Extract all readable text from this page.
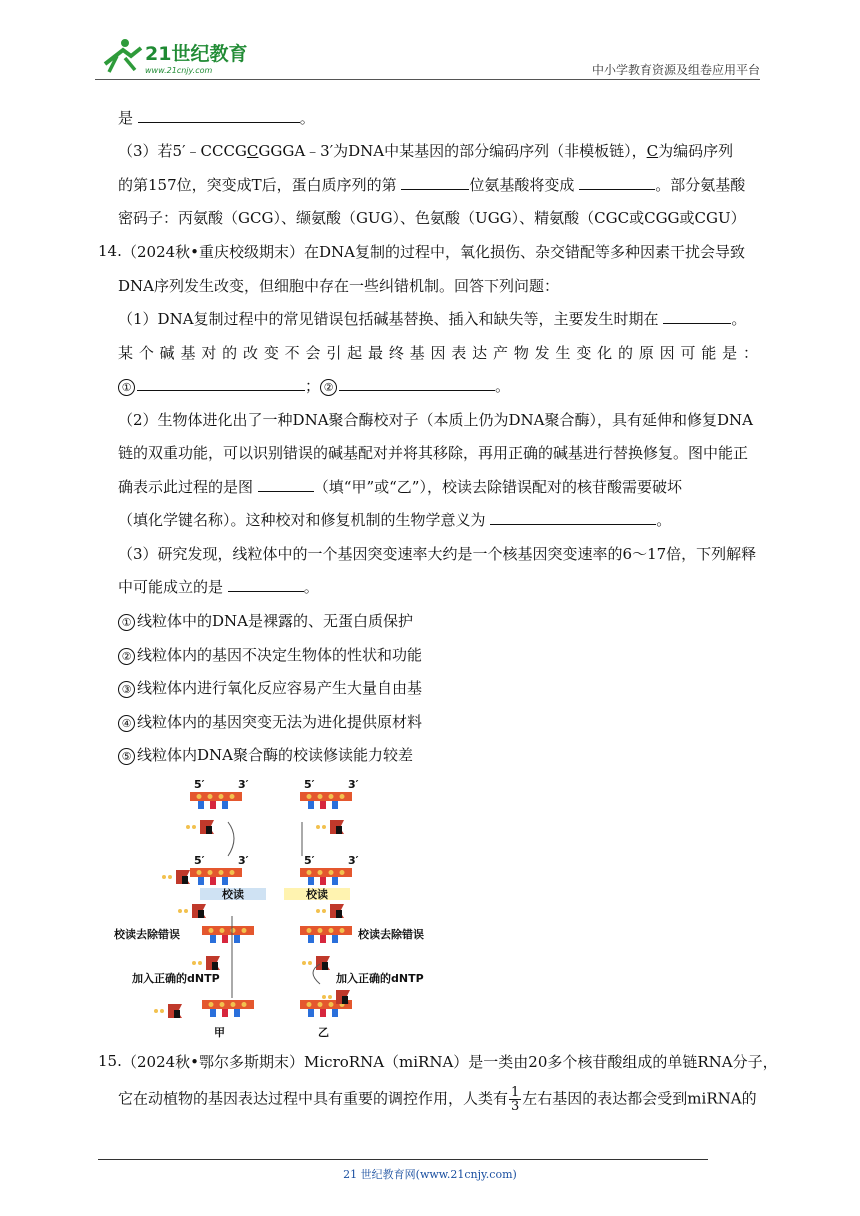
21世纪教育
www.21cnjy.com	中小学教育资源及组卷应用平台
是	。
（3）若5′﹣CCCGCGGGA﹣3′为DNA中某基因的部分编码序列（非模板链），C为编码序列
的第157位，突变成T后，蛋白质序列的第	位氨基酸将变成	。部分氨基酸
密码子：丙氨酸（GCG）、缬氨酸（GUG）、色氨酸（UGG）、精氨酸（CGC或CGG或CGU）
14. （2024秋•重庆校级期末）在DNA复制的过程中，氧化损伤、杂交错配等多种因素干扰会导致
DNA序列发生改变，但细胞中存在一些纠错机制。回答下列问题：
（1）DNA复制过程中的常见错误包括碱基替换、插入和缺失等，主要发生时期在	。
某个碱基对的改变不会引起最终基因表达产物发生变化的原因可能是：
①	； ②	。
（2）生物体进化出了一种DNA聚合酶校对子（本质上仍为DNA聚合酶），具有延伸和修复DNA
链的双重功能，可以识别错误的碱基配对并将其移除，再用正确的碱基进行替换修复。图中能正
确表示此过程的是图	（填“甲”或“乙”），校读去除错误配对的核苷酸需要破坏
（填化学键名称）。这种校对和修复机制的生物学意义为	。
（3）研究发现，线粒体中的一个基因突变速率大约是一个核基因突变速率的6～17倍，下列解释
中可能成立的是	。
① 线粒体中的DNA是裸露的、无蛋白质保护
② 线粒体内的基因不决定生物体的性状和功能
③ 线粒体内进行氧化反应容易产生大量自由基
④ 线粒体内的基因突变无法为进化提供原材料
⑤ 线粒体内DNA聚合酶的校读修读能力较差
5′	3′
5′	3′
校读
校读去除错误
加入正确的dNTP
甲
5′	3′
5′	3′
校读
校读去除错误
加入正确的dNTP
乙
15. （2024秋•鄂尔多斯期末）MicroRNA（miRNA）是一类由20多个核苷酸组成的单链RNA分子，
它在动植物的基因表达过程中具有重要的调控作用，人类有 $\frac{1}{3}$ 左右基因的表达都会受到miRNA的
21 世纪教育网(www.21cnjy.com)
